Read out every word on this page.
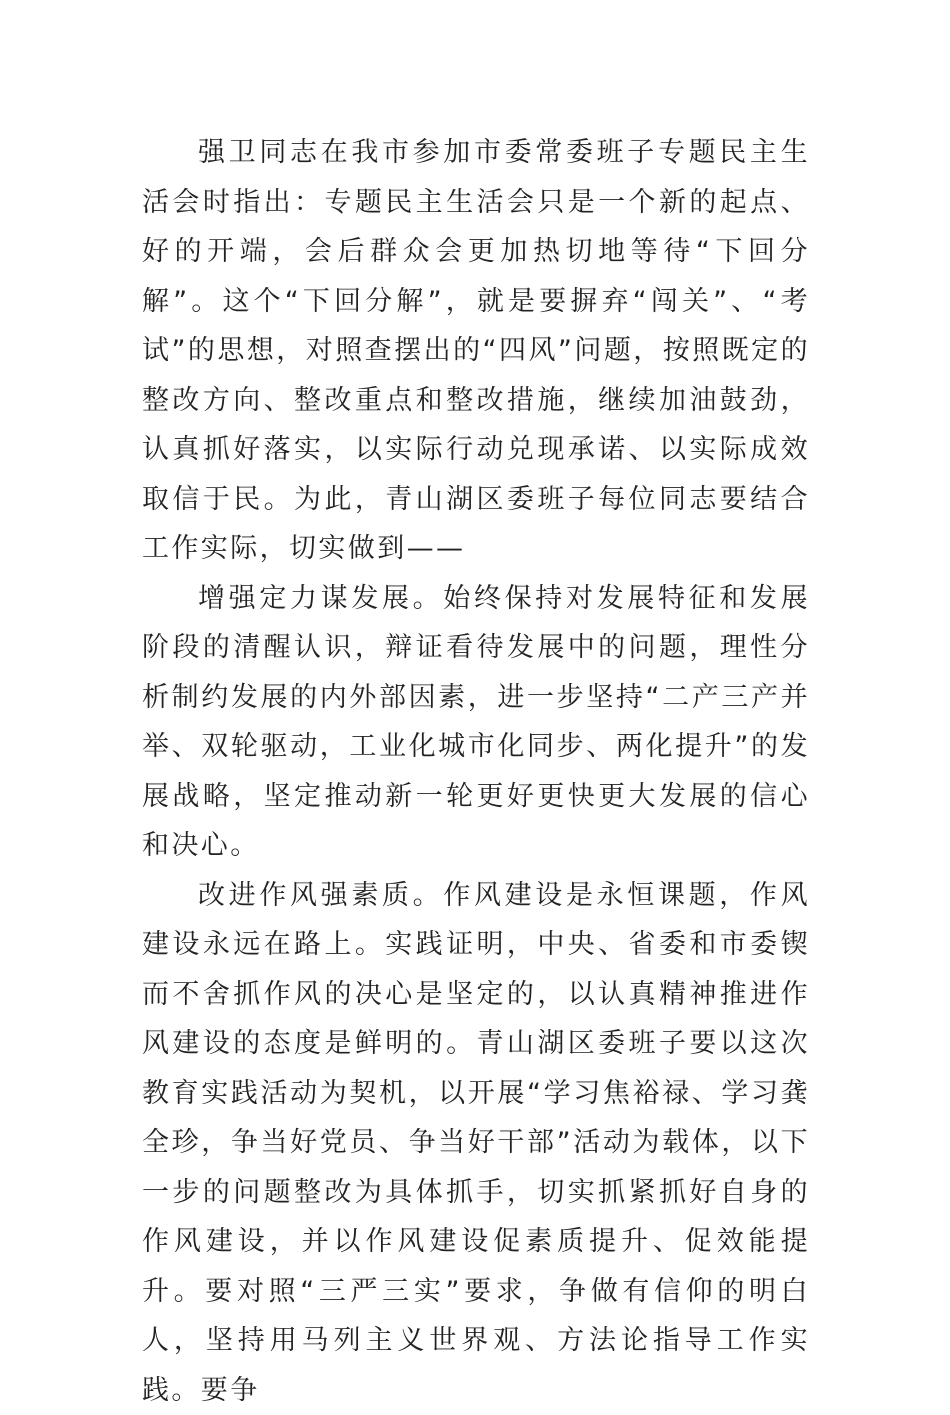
强卫同志在我市参加市委常委班子专题民主生活会时指出：专题民主生活会只是一个新的起点、好的开端，会后群众会更加热切地等待“下回分解”。这个“下回分解”，就是要摒弃“闯关”、“考试”的思想，对照查摆出的“四风”问题，按照既定的整改方向、整改重点和整改措施，继续加油鼓劲，认真抓好落实，以实际行动兑现承诺、以实际成效取信于民。为此，青山湖区委班子每位同志要结合工作实际，切实做到——

增强定力谋发展。始终保持对发展特征和发展阶段的清醒认识，辩证看待发展中的问题，理性分析制约发展的内外部因素，进一步坚持“二产三产并举、双轮驱动，工业化城市化同步、两化提升”的发展战略，坚定推动新一轮更好更快更大发展的信心和决心。

改进作风强素质。作风建设是永恒课题，作风建设永远在路上。实践证明，中央、省委和市委锲而不舍抓作风的决心是坚定的，以认真精神推进作风建设的态度是鲜明的。青山湖区委班子要以这次教育实践活动为契机，以开展“学习焦裕禄、学习龚全珍，争当好党员、争当好干部”活动为载体，以下一步的问题整改为具体抓手，切实抓紧抓好自身的作风建设，并以作风建设促素质提升、促效能提升。要对照“三严三实”要求，争做有信仰的明白人，坚持用马列主义世界观、方法论指导工作实践。要争
